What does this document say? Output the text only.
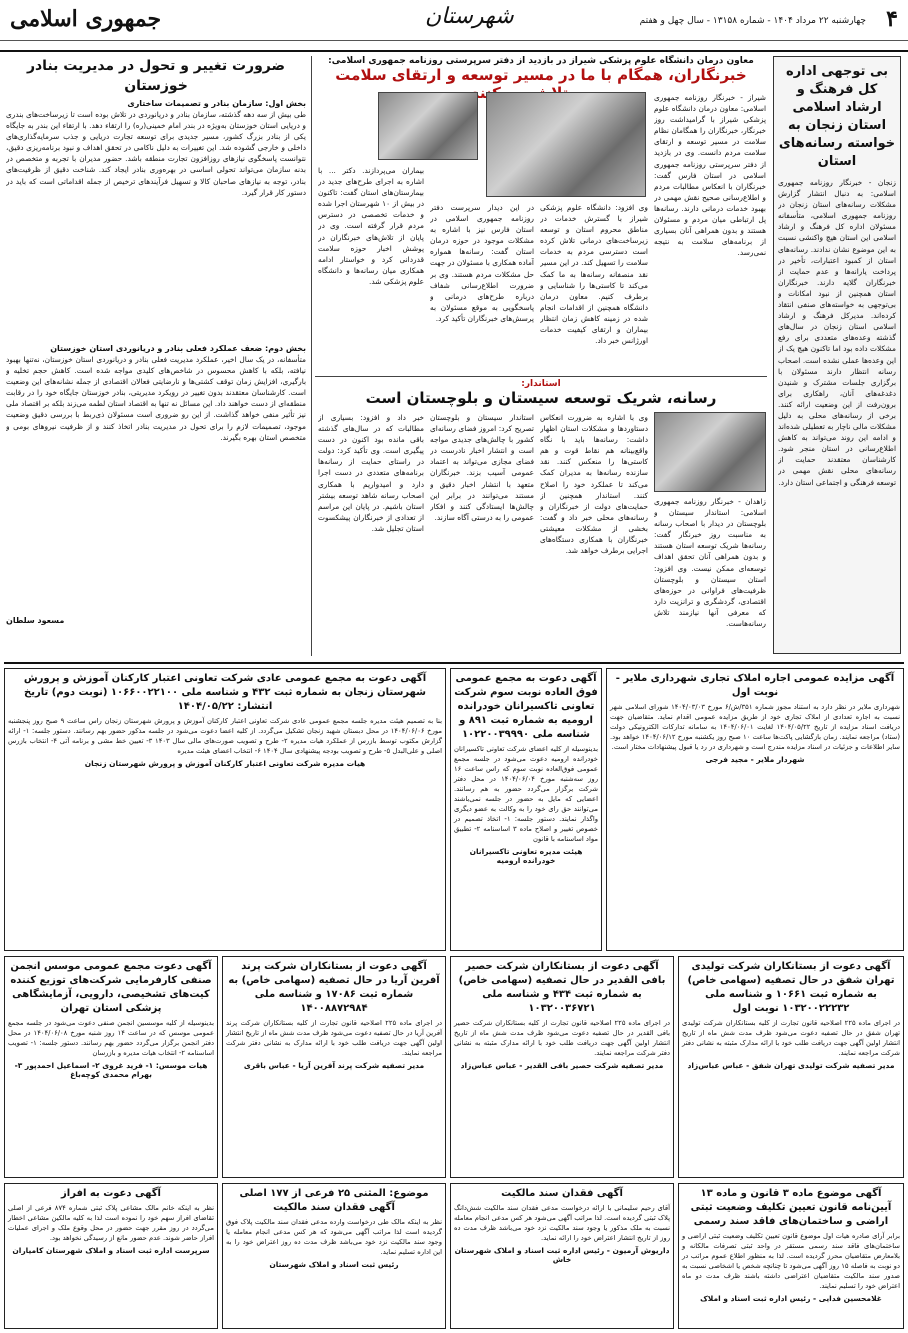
۴
چهارشنبه ۲۲ مرداد ۱۴۰۴ - شماره ۱۳۱۵۸ - سال چهل و هفتم
شهرستان
جمهوری اسلامی
بی توجهی اداره کل فرهنگ و ارشاد اسلامی استان زنجان به خواسته رسانه‌های استان
زنجان - خبرنگار روزنامه جمهوری اسلامی: به دنبال انتشار گزارش مشکلات رسانه‌های استان زنجان در روزنامه جمهوری اسلامی، متأسفانه مسئولان اداره کل فرهنگ و ارشاد اسلامی این استان هیچ واکنشی نسبت به این موضوع نشان ندادند. رسانه‌های استان از کمبود اعتبارات، تأخیر در پرداخت یارانه‌ها و عدم حمایت از خبرنگاران گلایه دارند. خبرنگاران استان همچنین از نبود امکانات و بی‌توجهی به خواسته‌های صنفی انتقاد کرده‌اند. مدیرکل فرهنگ و ارشاد اسلامی استان زنجان در سال‌های گذشته وعده‌های متعددی برای رفع مشکلات داده بود اما تاکنون هیچ یک از این وعده‌ها عملی نشده است. اصحاب رسانه انتظار دارند مسئولان با برگزاری جلسات مشترک و شنیدن دغدغه‌های آنان، راهکاری برای برون‌رفت از این وضعیت ارائه کنند. برخی از رسانه‌های محلی به دلیل مشکلات مالی ناچار به تعطیلی شده‌اند و ادامه این روند می‌تواند به کاهش اطلاع‌رسانی در استان منجر شود. کارشناسان معتقدند حمایت از رسانه‌های محلی نقش مهمی در توسعه فرهنگی و اجتماعی استان دارد.
معاون درمان دانشگاه علوم پزشکی شیراز در بازدید از دفتر سرپرستی روزنامه جمهوری اسلامی:
خبرنگاران، همگام با ما در مسیر توسعه و ارتقای سلامت
شیراز - خبرنگار روزنامه جمهوری اسلامی: معاون درمان دانشگاه علوم پزشکی شیراز با گرامیداشت روز خبرنگار، خبرنگاران را همگامان نظام سلامت در مسیر توسعه و ارتقای سلامت مردم دانست. وی در بازدید از دفتر سرپرستی روزنامه جمهوری اسلامی در استان فارس گفت: خبرنگاران با انعکاس مطالبات مردم و اطلاع‌رسانی صحیح نقش مهمی در بهبود خدمات درمانی دارند. رسانه‌ها پل ارتباطی میان مردم و مسئولان هستند و بدون همراهی آنان بسیاری از برنامه‌های سلامت به نتیجه نمی‌رسد.
وی افزود: دانشگاه علوم پزشکی شیراز با گسترش خدمات در مناطق محروم استان و توسعه زیرساخت‌های درمانی تلاش کرده است دسترسی مردم به خدمات سلامت را تسهیل کند. در این مسیر نقد منصفانه رسانه‌ها به ما کمک می‌کند تا کاستی‌ها را شناسایی و برطرف کنیم. معاون درمان دانشگاه همچنین از اقدامات انجام شده در زمینه کاهش زمان انتظار بیماران و ارتقای کیفیت خدمات اورژانس خبر داد.
در این دیدار سرپرست دفتر روزنامه جمهوری اسلامی در استان فارس نیز با اشاره به مشکلات موجود در حوزه درمان استان گفت: رسانه‌ها همواره آماده همکاری با مسئولان در جهت حل مشکلات مردم هستند. وی بر ضرورت اطلاع‌رسانی شفاف درباره طرح‌های درمانی و پاسخگویی به موقع مسئولان به پرسش‌های خبرنگاران تأکید کرد.
بیماران می‌پردازند. دکتر ... با اشاره به اجرای طرح‌های جدید در بیمارستان‌های استان گفت: تاکنون در بیش از ۱۰ شهرستان اجرا شده و خدمات تخصصی در دسترس مردم قرار گرفته است. وی در پایان از تلاش‌های خبرنگاران در پوشش اخبار حوزه سلامت قدردانی کرد و خواستار ادامه همکاری میان رسانه‌ها و دانشگاه علوم پزشکی شد.
استاندار:
رسانه، شریک توسعه سیستان و بلوچستان است
زاهدان - خبرنگار روزنامه جمهوری اسلامی: استاندار سیستان و بلوچستان در دیدار با اصحاب رسانه به مناسبت روز خبرنگار گفت: رسانه‌ها شریک توسعه استان هستند و بدون همراهی آنان تحقق اهداف توسعه‌ای ممکن نیست. وی افزود: استان سیستان و بلوچستان ظرفیت‌های فراوانی در حوزه‌های اقتصادی، گردشگری و ترانزیت دارد که معرفی آنها نیازمند تلاش رسانه‌هاست.
وی با اشاره به ضرورت انعکاس دستاوردها و مشکلات استان اظهار داشت: رسانه‌ها باید با نگاه واقع‌بینانه هم نقاط قوت و هم کاستی‌ها را منعکس کنند. نقد سازنده رسانه‌ها به مدیران کمک می‌کند تا عملکرد خود را اصلاح کنند. استاندار همچنین از حمایت‌های دولت از خبرنگاران و رسانه‌های محلی خبر داد و گفت: بخشی از مشکلات معیشتی خبرنگاران با همکاری دستگاه‌های اجرایی برطرف خواهد شد.
استاندار سیستان و بلوچستان تصریح کرد: امروز فضای رسانه‌ای کشور با چالش‌های جدیدی مواجه است و انتشار اخبار نادرست در فضای مجازی می‌تواند به اعتماد عمومی آسیب بزند. خبرنگاران متعهد با انتشار اخبار دقیق و مستند می‌توانند در برابر این چالش‌ها ایستادگی کنند و افکار عمومی را به درستی آگاه سازند.
خبر داد و افزود: بسیاری از مطالبات که در سال‌های گذشته باقی مانده بود اکنون در دست پیگیری است. وی تأکید کرد: دولت در راستای حمایت از رسانه‌ها برنامه‌های متعددی در دست اجرا دارد و امیدواریم با همکاری اصحاب رسانه شاهد توسعه بیشتر استان باشیم. در پایان این مراسم از تعدادی از خبرنگاران پیشکسوت استان تجلیل شد.
ضرورت تغییر و تحول در مدیریت بنادر خوزستان
بخش اول: سازمان بنادر و تصمیمات ساختاری
طی بیش از سه دهه گذشته، سازمان بنادر و دریانوردی در تلاش بوده است تا زیرساخت‌های بندری و دریایی استان خوزستان به‌ویژه در بندر امام خمینی(ره) را ارتقاء دهد. با ارتقاء این بندر به جایگاه یکی از بنادر بزرگ کشور، مسیر جدیدی برای توسعه تجارت دریایی و جذب سرمایه‌گذاری‌های داخلی و خارجی گشوده شد. این تغییرات به دلیل ناکامی در تحقق اهداف و نبود برنامه‌ریزی دقیق، نتوانست پاسخگوی نیازهای روزافزون تجارت منطقه باشد. حضور مدیران با تجربه و متخصص در بدنه سازمان می‌تواند تحولی اساسی در بهره‌وری بنادر ایجاد کند. شناخت دقیق از ظرفیت‌های بنادر، توجه به نیازهای صاحبان کالا و تسهیل فرآیندهای ترخیص از جمله اقداماتی است که باید در دستور کار قرار گیرد.
بخش دوم: ضعف عملکرد فعلی بنادر و دریانوردی استان خوزستان
متأسفانه، در یک سال اخیر، عملکرد مدیریت فعلی بنادر و دریانوردی استان خوزستان، نه‌تنها بهبود نیافته، بلکه با کاهش محسوس در شاخص‌های کلیدی مواجه شده است. کاهش حجم تخلیه و بارگیری، افزایش زمان توقف کشتی‌ها و نارضایتی فعالان اقتصادی از جمله نشانه‌های این وضعیت است. کارشناسان معتقدند بدون تغییر در رویکرد مدیریتی، بنادر خوزستان جایگاه خود را در رقابت منطقه‌ای از دست خواهند داد. این مسائل نه تنها به اقتصاد استان لطمه می‌زند بلکه بر اقتصاد ملی نیز تأثیر منفی خواهد گذاشت. از این رو ضروری است مسئولان ذی‌ربط با بررسی دقیق وضعیت موجود، تصمیمات لازم را برای تحول در مدیریت بنادر اتخاذ کنند و از ظرفیت نیروهای بومی و متخصص استان بهره بگیرند.
مسعود سلطان
آگهی مزایده عمومی اجاره املاک تجاری شهرداری ملایر - نوبت اول
شهرداری ملایر در نظر دارد به استناد مجوز شماره ۳۵۱/ش/۶ مورخ ۱۴۰۴/۰۳/۰۳ شورای اسلامی شهر نسبت به اجاره تعدادی از املاک تجاری خود از طریق مزایده عمومی اقدام نماید. متقاضیان جهت دریافت اسناد مزایده از تاریخ ۱۴۰۴/۰۵/۲۲ لغایت ۱۴۰۴/۰۶/۰۱ به سامانه تدارکات الکترونیکی دولت (ستاد) مراجعه نمایند. زمان بازگشایی پاکت‌ها ساعت ۱۰ صبح روز یکشنبه مورخ ۱۴۰۴/۰۶/۱۲ خواهد بود. سایر اطلاعات و جزئیات در اسناد مزایده مندرج است و شهرداری در رد یا قبول پیشنهادات مختار است.
شهردار ملایر - مجید فرجی
آگهی دعوت به مجمع عمومی فوق العاده نوبت سوم شرکت تعاونی تاکسیرانان خودرانده ارومیه به شماره ثبت ۸۹۱ و شناسه ملی ۱۰۲۲۰۰۳۹۹۹۰
بدینوسیله از کلیه اعضای شرکت تعاونی تاکسیرانان خودرانده ارومیه دعوت می‌شود در جلسه مجمع عمومی فوق‌العاده نوبت سوم که راس ساعت ۱۶ روز سه‌شنبه مورخ ۱۴۰۴/۰۶/۰۴ در محل دفتر شرکت برگزار می‌گردد حضور به هم رسانند. اعضایی که مایل به حضور در جلسه نمی‌باشند می‌توانند حق رای خود را به وکالت به عضو دیگری واگذار نمایند. دستور جلسه: ۱- اتخاذ تصمیم در خصوص تغییر و اصلاح ماده ۳ اساسنامه ۲- تطبیق مواد اساسنامه با قانون
هیئت مدیره تعاونی تاکسیرانان خودرانده ارومیه
آگهی دعوت به مجمع عمومی عادی شرکت تعاونی اعتبار کارکنان آموزش و پرورش شهرستان زنجان به شماره ثبت ۴۳۲ و شناسه ملی ۱۰۶۶۰۰۲۲۱۰۰ (نوبت دوم) تاریخ انتشار: ۱۴۰۴/۰۵/۲۲
بنا به تصمیم هیئت مدیره جلسه مجمع عمومی عادی شرکت تعاونی اعتبار کارکنان آموزش و پرورش شهرستان زنجان راس ساعت ۹ صبح روز پنجشنبه مورخ ۱۴۰۴/۰۶/۰۶ در محل دبستان شهید زنجان تشکیل می‌گردد. از کلیه اعضا دعوت می‌شود در جلسه مذکور حضور بهم رسانند. دستور جلسه: ۱- ارائه گزارش مکتوب توسط بازرس از عملکرد هیات مدیره ۲- طرح و تصویب صورت‌های مالی سال ۱۴۰۳ ۳- تعیین خط مشی و برنامه آتی ۴- انتخاب بازرس اصلی و علی‌البدل ۵- طرح و تصویب بودجه پیشنهادی سال ۱۴۰۴ ۶- انتخاب اعضای هیئت مدیره
هیات مدیره شرکت تعاونی اعتبار کارکنان آموزش و پرورش شهرستان زنجان
آگهی دعوت از بستانکاران شرکت تولیدی تهران شفق در حال تصفیه (سهامی خاص) به شماره ثبت ۱۰۶۶۱ و شناسه ملی ۱۰۳۲۰۰۲۲۲۳۲ نوبت اول
در اجرای ماده ۲۲۵ اصلاحیه قانون تجارت از کلیه بستانکاران شرکت تولیدی تهران شفق در حال تصفیه دعوت می‌شود ظرف مدت شش ماه از تاریخ انتشار اولین آگهی جهت دریافت طلب خود با ارائه مدارک مثبته به نشانی دفتر شرکت مراجعه نمایند.
مدیر تصفیه شرکت تولیدی تهران شفق - عباس عباس‌زاد
آگهی دعوت از بستانکاران شرکت حصیر بافی القدیر در حال تصفیه (سهامی خاص) به شماره ثبت ۴۳۴ و شناسه ملی ۱۰۳۲۰۰۳۶۷۲۱
در اجرای ماده ۲۲۵ اصلاحیه قانون تجارت از کلیه بستانکاران شرکت حصیر بافی القدیر در حال تصفیه دعوت می‌شود ظرف مدت شش ماه از تاریخ انتشار اولین آگهی جهت دریافت طلب خود با ارائه مدارک مثبته به نشانی دفتر شرکت مراجعه نمایند.
مدیر تصفیه شرکت حصیر بافی القدیر - عباس عباس‌زاد
آگهی دعوت از بستانکاران شرکت پرند آفرین آریا در حال تصفیه (سهامی خاص) به شماره ثبت ۱۷۰۸۶ و شناسه ملی ۱۴۰۰۸۸۷۲۹۸۴
در اجرای ماده ۲۲۵ اصلاحیه قانون تجارت از کلیه بستانکاران شرکت پرند آفرین آریا در حال تصفیه دعوت می‌شود ظرف مدت شش ماه از تاریخ انتشار اولین آگهی جهت دریافت طلب خود با ارائه مدارک به نشانی دفتر شرکت مراجعه نمایند.
مدیر تصفیه شرکت پرند آفرین آریا - عباس باقری
آگهی دعوت مجمع عمومی موسس انجمن صنفی کارفرمایی شرکت‌های توزیع کننده کیت‌های تشخیصی، دارویی، آزمایشگاهی پزشکی استان تهران
بدینوسیله از کلیه موسسین انجمن صنفی دعوت می‌شود در جلسه مجمع عمومی موسس که در ساعت ۱۴ روز شنبه مورخ ۱۴۰۴/۰۶/۰۸ در محل دفتر انجمن برگزار می‌گردد حضور بهم رسانند. دستور جلسه: ۱- تصویب اساسنامه ۲- انتخاب هیات مدیره و بازرسان
هیات موسس: ۱- فرید غروی ۲- اسماعیل احمدپور ۳- بهرام محمدی کوچه‌باغ
آگهی موضوع ماده ۳ قانون و ماده ۱۳ آیین‌نامه قانون تعیین تکلیف وضعیت ثبتی اراضی و ساختمان‌های فاقد سند رسمی
برابر آرای صادره هیات اول موضوع قانون تعیین تکلیف وضعیت ثبتی اراضی و ساختمان‌های فاقد سند رسمی مستقر در واحد ثبتی تصرفات مالکانه و بلامعارض متقاضیان محرز گردیده است. لذا به منظور اطلاع عموم مراتب در دو نوبت به فاصله ۱۵ روز آگهی می‌شود تا چنانچه شخص یا اشخاصی نسبت به صدور سند مالکیت متقاضیان اعتراضی داشته باشند ظرف مدت دو ماه اعتراض خود را تسلیم نمایند.
غلامحسین فدایی - رئیس اداره ثبت اسناد و املاک
آگهی فقدان سند مالکیت
آقای رحیم سلیمانی با ارائه درخواست مدعی فقدان سند مالکیت شش‌دانگ پلاک ثبتی گردیده است. لذا مراتب آگهی می‌شود هر کس مدعی انجام معامله نسبت به ملک مذکور یا وجود سند مالکیت نزد خود می‌باشد ظرف مدت ده روز از تاریخ انتشار اعتراض خود را ارائه نماید.
داریوش آرمیون - رئیس اداره ثبت اسناد و املاک شهرستان خاش
موضوع: المثنی ۲۵ فرعی از ۱۷۷ اصلی آگهی فقدان سند مالکیت
نظر به اینکه مالک طی درخواست وارده مدعی فقدان سند مالکیت پلاک فوق گردیده است لذا مراتب آگهی می‌شود که هر کس مدعی انجام معامله یا وجود سند مالکیت نزد خود می‌باشد ظرف مدت ده روز اعتراض خود را به این اداره تسلیم نماید.
رئیس ثبت اسناد و املاک شهرستان
آگهی دعوت به افراز
نظر به اینکه خانم مالک مشاعی پلاک ثبتی شماره ۸۷۴ فرعی از اصلی تقاضای افراز سهم خود را نموده است لذا به کلیه مالکین مشاعی اخطار می‌گردد در روز مقرر جهت حضور در محل وقوع ملک و اجرای عملیات افراز حاضر شوند. عدم حضور مانع از رسیدگی نخواهد بود.
سرپرست اداره ثبت اسناد و املاک شهرستان کامیاران
